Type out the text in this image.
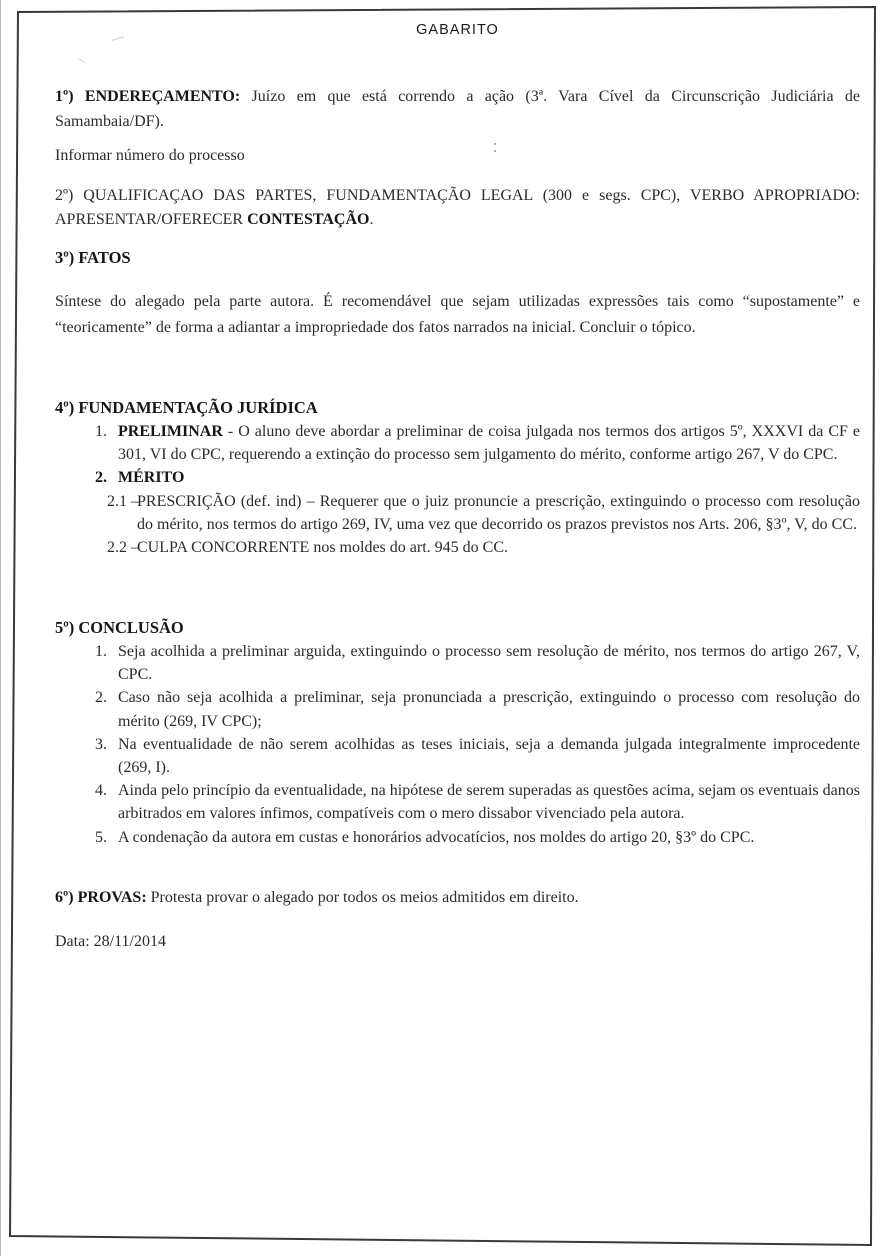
GABARITO

1º) ENDEREÇAMENTO: Juízo em que está correndo a ação (3ª. Vara Cível da Circunscrição Judiciária de Samambaia/DF).

Informar número do processo

2º) QUALIFICAÇAO DAS PARTES, FUNDAMENTAÇÃO LEGAL (300 e segs. CPC), VERBO APROPRIADO: APRESENTAR/OFERECER CONTESTAÇÃO.

3º) FATOS

Síntese do alegado pela parte autora. É recomendável que sejam utilizadas expressões tais como “supostamente” e “teoricamente” de forma a adiantar a impropriedade dos fatos narrados na inicial. Concluir o tópico.

4º) FUNDAMENTAÇÃO JURÍDICA
1. PRELIMINAR - O aluno deve abordar a preliminar de coisa julgada nos termos dos artigos 5º, XXXVI da CF e 301, VI do CPC, requerendo a extinção do processo sem julgamento do mérito, conforme artigo 267, V do CPC.

2. MÉRITO

2.1 –

PRESCRIÇÃO (def. ind) – Requerer que o juiz pronuncie a prescrição, extinguindo o processo com resolução do mérito, nos termos do artigo 269, IV, uma vez que decorrido os prazos previstos nos Arts. 206, §3º, V, do CC.

2.2 –

CULPA CONCORRENTE nos moldes do art. 945 do CC.

5º) CONCLUSÃO
1. Seja acolhida a preliminar arguida, extinguindo o processo sem resolução de mérito, nos termos do artigo 267, V, CPC.

2. Caso não seja acolhida a preliminar, seja pronunciada a prescrição, extinguindo o processo com resolução do mérito (269, IV CPC);

3. Na eventualidade de não serem acolhidas as teses iniciais, seja a demanda julgada integralmente improcedente (269, I).

4. Ainda pelo princípio da eventualidade, na hipótese de serem superadas as questões acima, sejam os eventuais danos arbitrados em valores ínfimos, compatíveis com o mero dissabor vivenciado pela autora.

5. A condenação da autora em custas e honorários advocatícios, nos moldes do artigo 20, §3º do CPC.

6º) PROVAS: Protesta provar o alegado por todos os meios admitidos em direito.

Data: 28/11/2014
